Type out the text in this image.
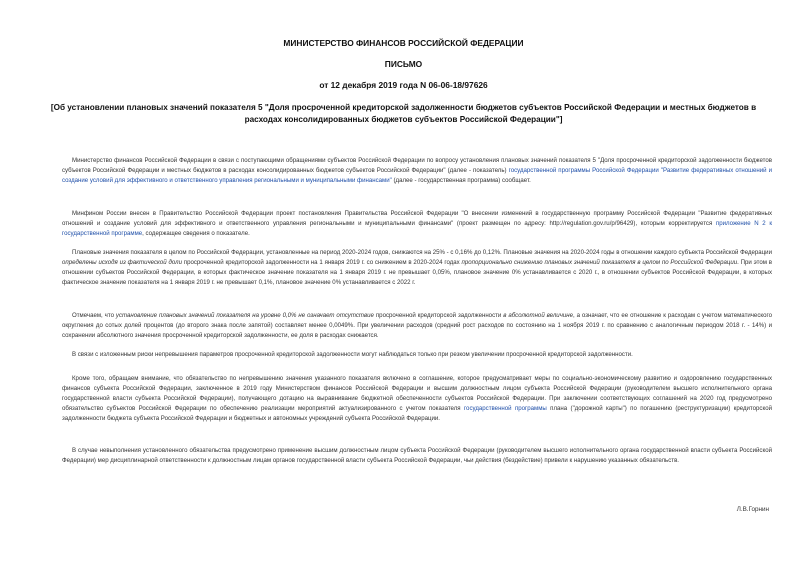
МИНИСТЕРСТВО ФИНАНСОВ РОССИЙСКОЙ ФЕДЕРАЦИИ
ПИСЬМО
от 12 декабря 2019 года N 06-06-18/97626
[Об установлении плановых значений показателя 5 "Доля просроченной кредиторской задолженности бюджетов субъектов Российской Федерации и местных бюджетов в расходах консолидированных бюджетов субъектов Российской Федерации"]
Министерство финансов Российской Федерации в связи с поступающими обращениями субъектов Российской Федерации по вопросу установления плановых значений показателя 5 "Доля просроченной кредиторской задолженности бюджетов субъектов Российской Федерации и местных бюджетов в расходах консолидированных бюджетов субъектов Российской Федерации" (далее - показатель) государственной программы Российской Федерации "Развитие федеративных отношений и создание условий для эффективного и ответственного управления региональными и муниципальными финансами" (далее - государственная программа) сообщает.
Минфином России внесен в Правительство Российской Федерации проект постановления Правительства Российской Федерации "О внесении изменений в государственную программу Российской Федерации "Развитие федеративных отношений и создание условий для эффективного и ответственного управления региональными и муниципальными финансами" (проект размещен по адресу: http://regulation.gov.ru/p/96429), которым корректируется приложение N 2 к государственной программе, содержащее сведения о показателе.
Плановые значения показателя в целом по Российской Федерации, установленные на период 2020-2024 годов, снижаются на 25% - с 0,16% до 0,12%. Плановые значения на 2020-2024 годы в отношении каждого субъекта Российской Федерации определены исходя из фактической доли просроченной кредиторской задолженности на 1 января 2019 г. со снижением в 2020-2024 годах пропорционально снижению плановых значений показателя в целом по Российской Федерации. При этом в отношении субъектов Российской Федерации, в которых фактическое значение показателя на 1 января 2019 г. не превышает 0,05%, плановое значение 0% устанавливается с 2020 г., в отношении субъектов Российской Федерации, в которых фактическое значение показателя на 1 января 2019 г. не превышает 0,1%, плановое значение 0% устанавливается с 2022 г.
Отмечаем, что установление плановых значений показателя на уровне 0,0% не означает отсутствие просроченной кредиторской задолженности в абсолютной величине, а означает, что ее отношение к расходам с учетом математического округления до сотых долей процентов (до второго знака после запятой) составляет менее 0,0049%. При увеличении расходов (средний рост расходов по состоянию на 1 ноября 2019 г. по сравнению с аналогичным периодом 2018 г. - 14%) и сохранении абсолютного значения просроченной кредиторской задолженности, ее доля в расходах снижается.
В связи с изложенным риски непревышения параметров просроченной кредиторской задолженности могут наблюдаться только при резком увеличении просроченной кредиторской задолженности.
Кроме того, обращаем внимание, что обязательство по непревышению значения указанного показателя включено в соглашение, которое предусматривает меры по социально-экономическому развитию и оздоровлению государственных финансов субъекта Российской Федерации, заключенное в 2019 году Министерством финансов Российской Федерации и высшим должностным лицом субъекта Российской Федерации (руководителем высшего исполнительного органа государственной власти субъекта Российской Федерации), получающего дотацию на выравнивание бюджетной обеспеченности субъектов Российской Федерации. При заключении соответствующих соглашений на 2020 год предусмотрено обязательство субъектов Российской Федерации по обеспечению реализации мероприятий актуализированного с учетом показателя государственной программы плана ("дорожной карты") по погашению (реструктуризации) кредиторской задолженности бюджета субъекта Российской Федерации и бюджетных и автономных учреждений субъекта Российской Федерации.
В случае невыполнения установленного обязательства предусмотрено применение высшим должностным лицом субъекта Российской Федерации (руководителем высшего исполнительного органа государственной власти субъекта Российской Федерации) мер дисциплинарной ответственности к должностным лицам органов государственной власти субъекта Российской Федерации, чьи действия (бездействие) привели к нарушению указанных обязательств.
Л.В.Горнин
